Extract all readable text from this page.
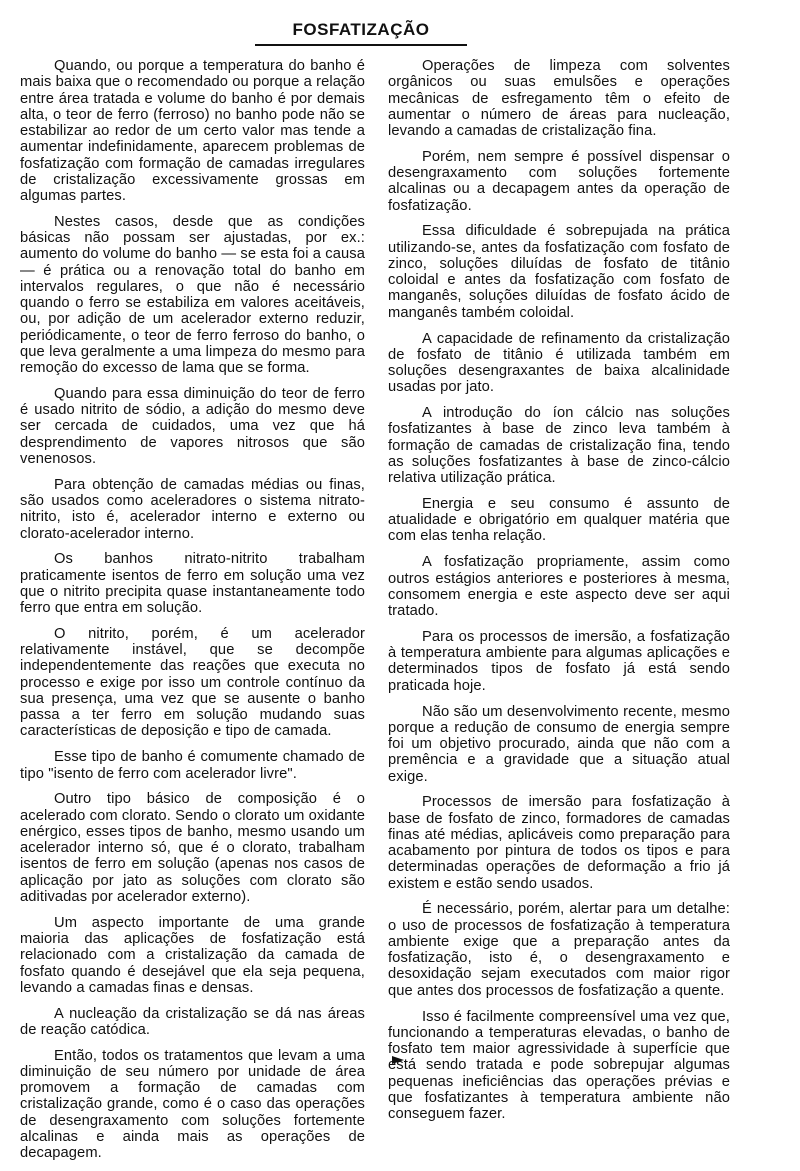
FOSFATIZAÇÃO

Quando, ou porque a temperatura do banho é mais baixa que o recomendado ou porque a relação entre área tratada e volume do banho é por demais alta, o teor de ferro (ferroso) no banho pode não se estabilizar ao redor de um certo valor mas tende a aumentar indefinidamente, aparecem problemas de fosfatização com formação de camadas irregulares de cristalização excessivamente grossas em algumas partes.

Nestes casos, desde que as condições básicas não possam ser ajustadas, por ex.: aumento do volume do banho — se esta foi a causa — é prática ou a renovação total do banho em intervalos regulares, o que não é necessário quando o ferro se estabiliza em valores aceitáveis, ou, por adição de um acelerador externo reduzir, periódicamente, o teor de ferro ferroso do banho, o que leva geralmente a uma limpeza do mesmo para remoção do excesso de lama que se forma.

Quando para essa diminuição do teor de ferro é usado nitrito de sódio, a adição do mesmo deve ser cercada de cuidados, uma vez que há desprendimento de vapores nitrosos que são venenosos.

Para obtenção de camadas médias ou finas, são usados como aceleradores o sistema nitrato-nitrito, isto é, acelerador interno e externo ou clorato-acelerador interno.

Os banhos nitrato-nitrito trabalham praticamente isentos de ferro em solução uma vez que o nitrito precipita quase instantaneamente todo ferro que entra em solução.

O nitrito, porém, é um acelerador relativamente instável, que se decompõe independentemente das reações que executa no processo e exige por isso um controle contínuo da sua presença, uma vez que se ausente o banho passa a ter ferro em solução mudando suas características de deposição e tipo de camada.

Esse tipo de banho é comumente chamado de tipo "isento de ferro com acelerador livre".

Outro tipo básico de composição é o acelerado com clorato. Sendo o clorato um oxidante enérgico, esses tipos de banho, mesmo usando um acelerador interno só, que é o clorato, trabalham isentos de ferro em solução (apenas nos casos de aplicação por jato as soluções com clorato são aditivadas por acelerador externo).

Um aspecto importante de uma grande maioria das aplicações de fosfatização está relacionado com a cristalização da camada de fosfato quando é desejável que ela seja pequena, levando a camadas finas e densas.

A nucleação da cristalização se dá nas áreas de reação catódica.

Então, todos os tratamentos que levam a uma diminuição de seu número por unidade de área promovem a formação de camadas com cristalização grande, como é o caso das operações de desengraxamento com soluções fortemente alcalinas e ainda mais as operações de decapagem.

Operações de limpeza com solventes orgânicos ou suas emulsões e operações mecânicas de esfregamento têm o efeito de aumentar o número de áreas para nucleação, levando a camadas de cristalização fina.

Porém, nem sempre é possível dispensar o desengraxamento com soluções fortemente alcalinas ou a decapagem antes da operação de fosfatização.

Essa dificuldade é sobrepujada na prática utilizando-se, antes da fosfatização com fosfato de zinco, soluções diluídas de fosfato de titânio coloidal e antes da fosfatização com fosfato de manganês, soluções diluídas de fosfato ácido de manganês também coloidal.

A capacidade de refinamento da cristalização de fosfato de titânio é utilizada também em soluções desengraxantes de baixa alcalinidade usadas por jato.

A introdução do íon cálcio nas soluções fosfatizantes à base de zinco leva também à formação de camadas de cristalização fina, tendo as soluções fosfatizantes à base de zinco-cálcio relativa utilização prática.

Energia e seu consumo é assunto de atualidade e obrigatório em qualquer matéria que com elas tenha relação.

A fosfatização propriamente, assim como outros estágios anteriores e posteriores à mesma, consomem energia e este aspecto deve ser aqui tratado.

Para os processos de imersão, a fosfatização à temperatura ambiente para algumas aplicações e determinados tipos de fosfato já está sendo praticada hoje.

Não são um desenvolvimento recente, mesmo porque a redução de consumo de energia sempre foi um objetivo procurado, ainda que não com a premência e a gravidade que a situação atual exige.

Processos de imersão para fosfatização à base de fosfato de zinco, formadores de camadas finas até médias, aplicáveis como preparação para acabamento por pintura de todos os tipos e para determinadas operações de deformação a frio já existem e estão sendo usados.

É necessário, porém, alertar para um detalhe: o uso de processos de fosfatização à temperatura ambiente exige que a preparação antes da fosfatização, isto é, o desengraxamento e desoxidação sejam executados com maior rigor que antes dos processos de fosfatização a quente.

Isso é facilmente compreensível uma vez que, funcionando a temperaturas elevadas, o banho de fosfato tem maior agressividade à superfície que está sendo tratada e pode sobrepujar algumas pequenas ineficiências das operações prévias e que fosfatizantes à temperatura ambiente não conseguem fazer.
